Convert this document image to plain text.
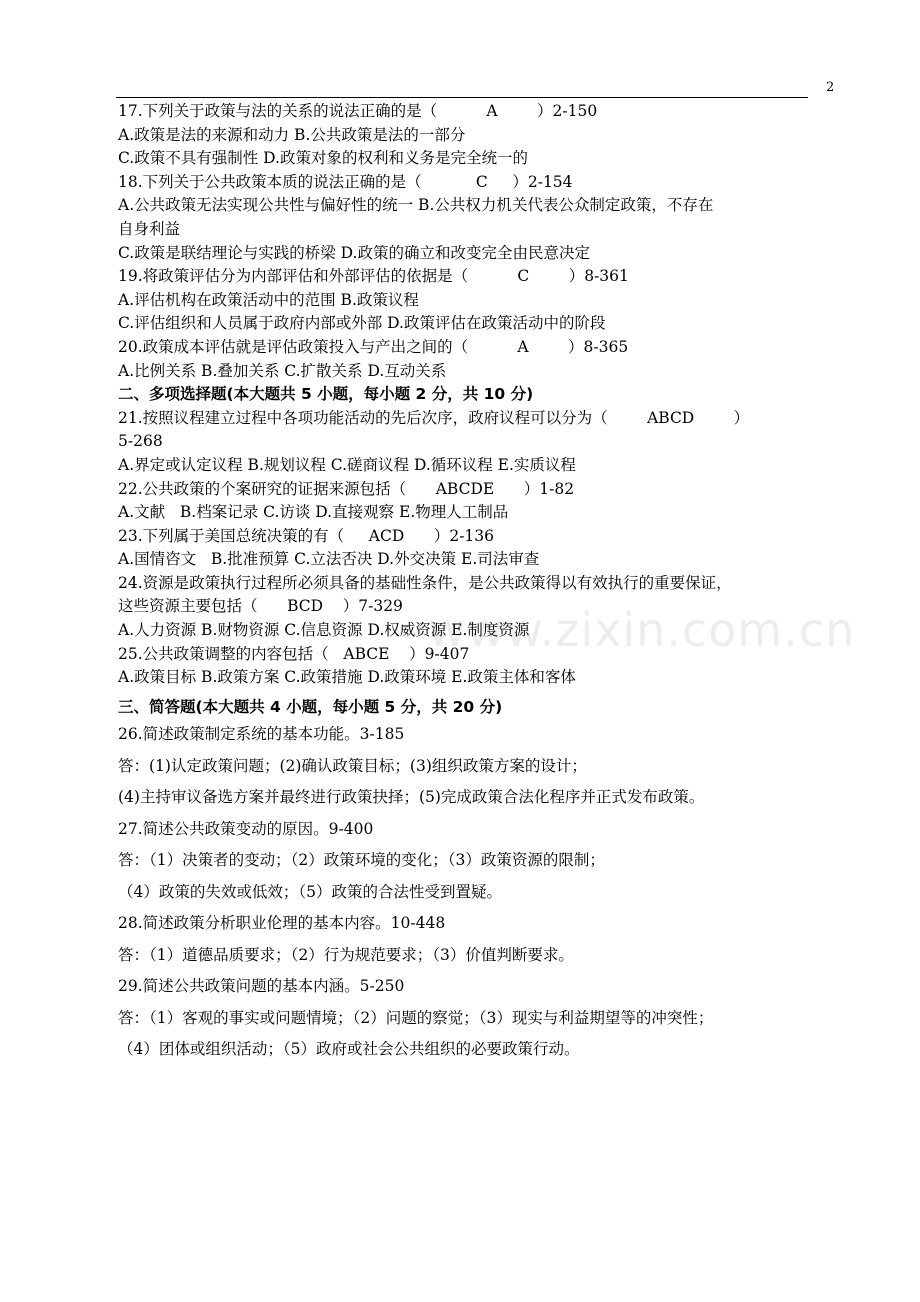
2
www.zixin.com.cn
17.下列关于政策与法的关系的说法正确的是（          A        ）2-150
A.政策是法的来源和动力 B.公共政策是法的一部分
C.政策不具有强制性 D.政策对象的权利和义务是完全统一的
18.下列关于公共政策本质的说法正确的是（           C     ）2-154
A.公共政策无法实现公共性与偏好性的统一 B.公共权力机关代表公众制定政策，不存在
自身利益
C.政策是联结理论与实践的桥梁 D.政策的确立和改变完全由民意决定
19.将政策评估分为内部评估和外部评估的依据是（          C        ）8-361
A.评估机构在政策活动中的范围 B.政策议程
C.评估组织和人员属于政府内部或外部 D.政策评估在政策活动中的阶段
20.政策成本评估就是评估政策投入与产出之间的（          A        ）8-365
A.比例关系 B.叠加关系 C.扩散关系 D.互动关系
二、多项选择题(本大题共 5 小题，每小题 2 分，共 10 分)
21.按照议程建立过程中各项功能活动的先后次序，政府议程可以分为（        ABCD        ）
5-268
A.界定或认定议程 B.规划议程 C.磋商议程 D.循环议程 E.实质议程
22.公共政策的个案研究的证据来源包括（      ABCDE      ）1-82
A.文献   B.档案记录 C.访谈 D.直接观察 E.物理人工制品
23.下列属于美国总统决策的有（     ACD      ）2-136
A.国情咨文   B.批准预算 C.立法否决 D.外交决策 E.司法审查
24.资源是政策执行过程所必须具备的基础性条件，是公共政策得以有效执行的重要保证，
这些资源主要包括（      BCD    ）7-329
A.人力资源 B.财物资源 C.信息资源 D.权威资源 E.制度资源
25.公共政策调整的内容包括（   ABCE    ）9-407
A.政策目标 B.政策方案 C.政策措施 D.政策环境 E.政策主体和客体
三、简答题(本大题共 4 小题，每小题 5 分，共 20 分)
26.简述政策制定系统的基本功能。3-185
答：(1)认定政策问题；(2)确认政策目标；(3)组织政策方案的设计；
(4)主持审议备选方案并最终进行政策抉择；(5)完成政策合法化程序并正式发布政策。
27.简述公共政策变动的原因。9-400
答：（1）决策者的变动；（2）政策环境的变化；（3）政策资源的限制；
（4）政策的失效或低效；（5）政策的合法性受到置疑。
28.简述政策分析职业伦理的基本内容。10-448
答：（1）道德品质要求；（2）行为规范要求；（3）价值判断要求。
29.简述公共政策问题的基本内涵。5-250
答：（1）客观的事实或问题情境；（2）问题的察觉；（3）现实与利益期望等的冲突性；
（4）团体或组织活动；（5）政府或社会公共组织的必要政策行动。
